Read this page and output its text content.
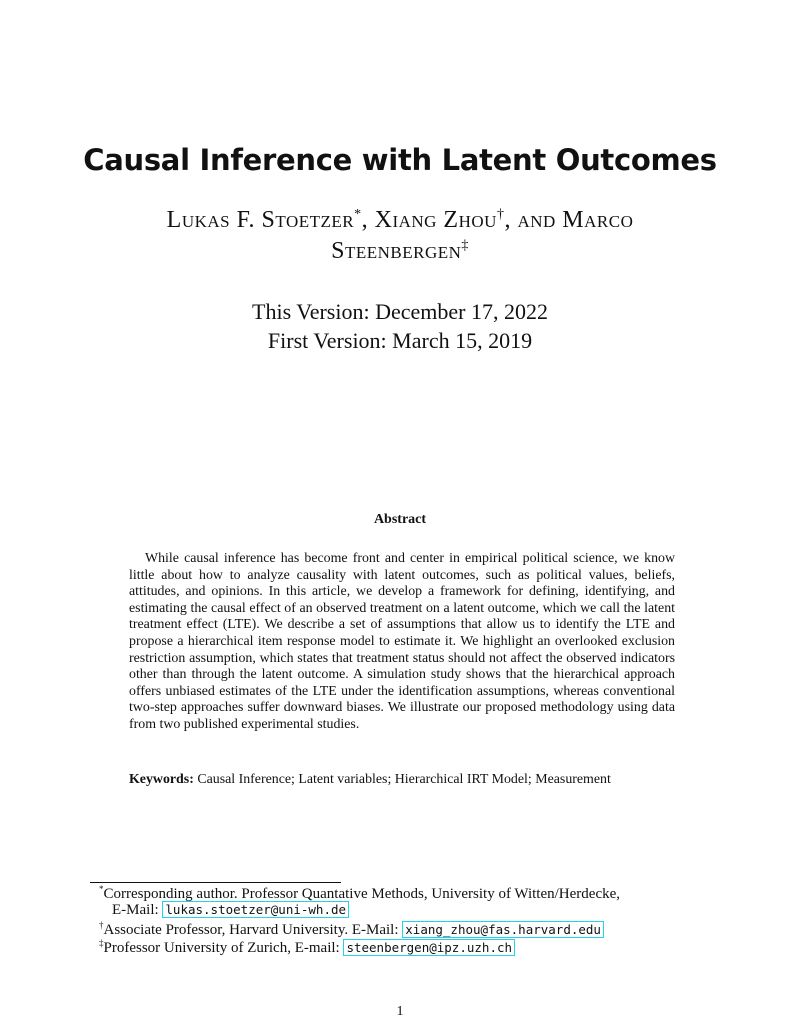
Causal Inference with Latent Outcomes
Lukas F. Stoetzer*, Xiang Zhou†, and Marco
Steenbergen‡
This Version: December 17, 2022
First Version: March 15, 2019
Abstract

While causal inference has become front and center in empirical political science, we know little about how to analyze causality with latent outcomes, such as political values, beliefs, attitudes, and opinions. In this article, we develop a framework for defining, identifying, and estimating the causal effect of an observed treatment on a latent outcome, which we call the latent treatment effect (LTE). We describe a set of assumptions that allow us to identify the LTE and propose a hierarchical item response model to estimate it. We highlight an overlooked exclusion restriction assumption, which states that treatment status should not affect the observed indicators other than through the latent outcome. A simulation study shows that the hierarchical approach offers unbiased estimates of the LTE under the identification assumptions, whereas conventional two-step approaches suffer downward biases. We illustrate our proposed methodology using data from two published experimental studies.

Keywords: Causal Inference; Latent variables; Hierarchical IRT Model; Measurement
*Corresponding author. Professor Quantative Methods, University of Witten/Herdecke,
E-Mail: lukas.stoetzer@uni-wh.de
†Associate Professor, Harvard University. E-Mail: xiang_zhou@fas.harvard.edu
‡Professor University of Zurich, E-mail: steenbergen@ipz.uzh.ch
1
